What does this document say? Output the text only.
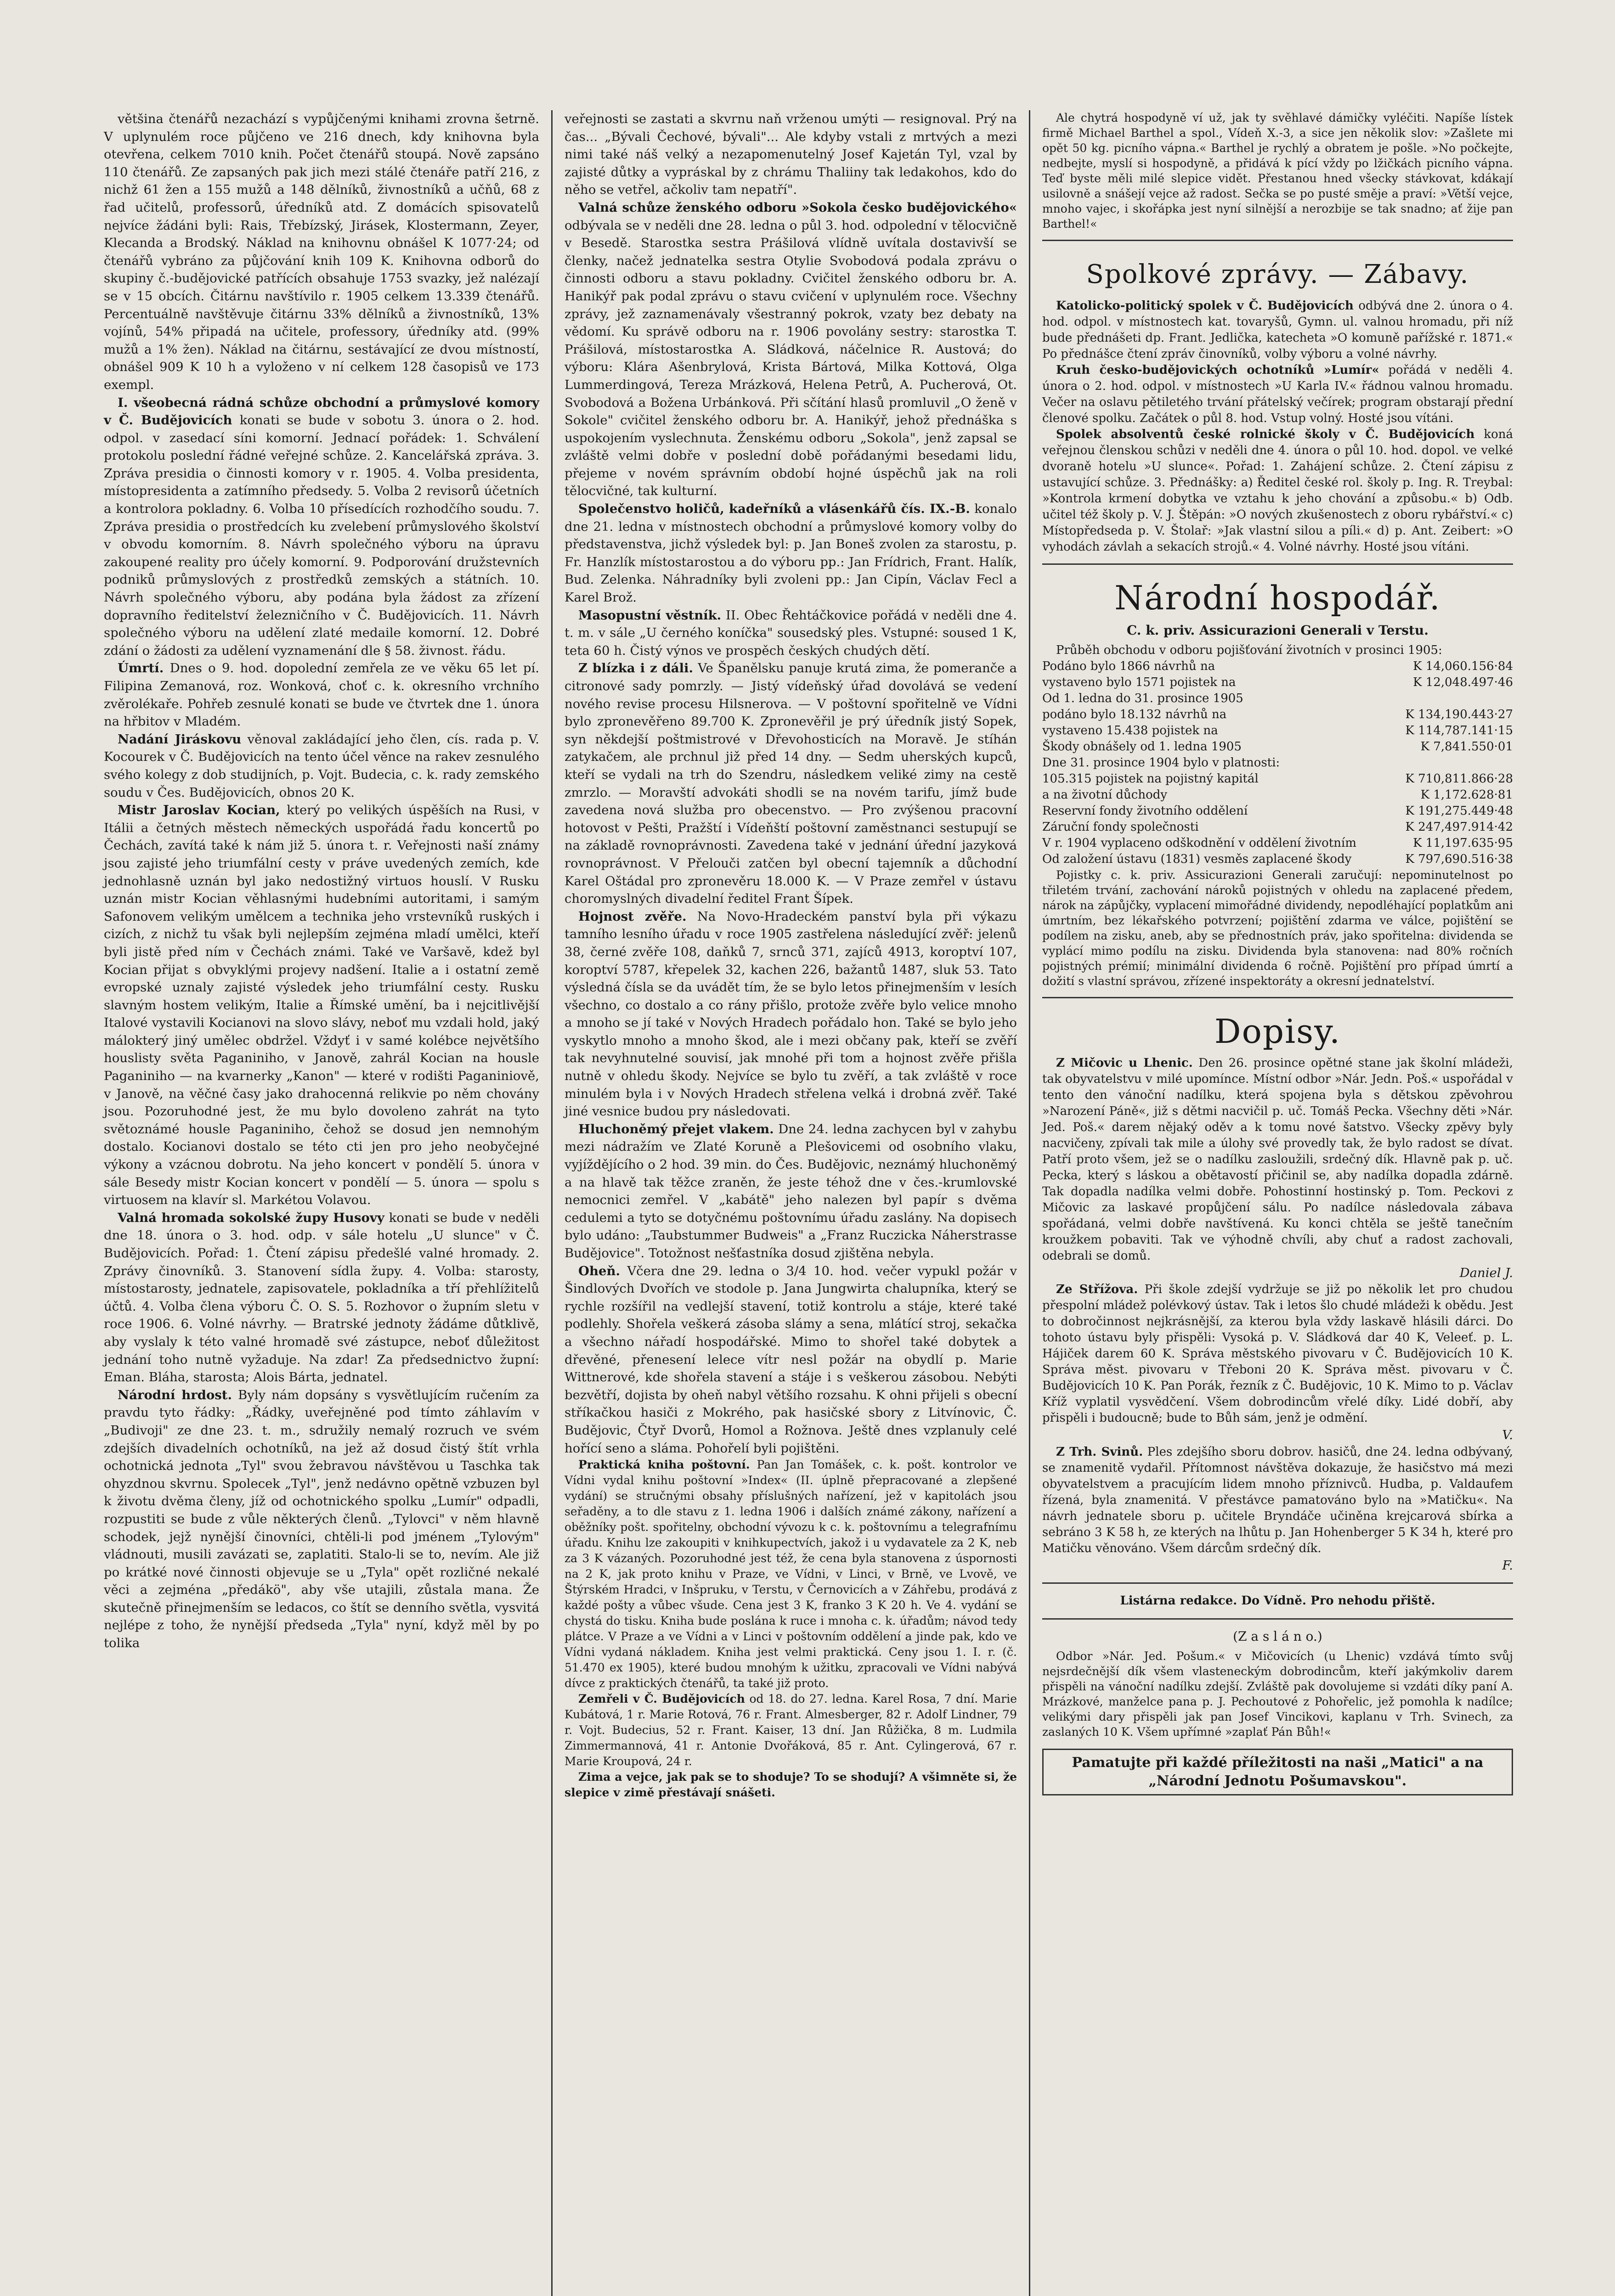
většina čtenářů nezachází s vypůjčenými knihami zrovna šetrně. V uplynulém roce půjčeno ve 216 dnech, kdy knihovna byla otevřena, celkem 7010 knih. Počet čtenářů stoupá. Nově zapsáno 110 čtenářů. Ze zapsaných pak jich mezi stálé čtenáře patří 216, z nichž 61 žen a 155 mužů a 148 dělníků, živnostníků a učňů, 68 z řad učitelů, professorů, úředníků atd. Z domácích spisovatelů nejvíce žádáni byli: Rais, Třebízský, Jirásek, Klostermann, Zeyer, Klecanda a Brodský. Náklad na knihovnu obnášel K 1077·24; od čtenářů vybráno za půjčování knih 109 K. Knihovna odborů do skupiny č.-budějovické patřících obsahuje 1753 svazky, jež nalézají se v 15 obcích. Čitárnu navštívilo r. 1905 celkem 13.339 čtenářů. Percentuálně navštěvuje čitárnu 33% dělníků a živnostníků, 13% vojínů, 54% připadá na učitele, professory, úředníky atd. (99% mužů a 1% žen). Náklad na čitárnu, sestávající ze dvou místností, obnášel 909 K 10 h a vyloženo v ní celkem 128 časopisů ve 173 exempl.

I. všeobecná rádná schůze obchodní a průmyslové komory v Č. Budějovicích konati se bude v sobotu 3. února o 2. hod. odpol. v zasedací síni komorní. Jednací pořádek: 1. Schválení protokolu poslední řádné veřejné schůze. 2. Kancelářská zpráva. 3. Zpráva presidia o činnosti komory v r. 1905. 4. Volba presidenta, místopresidenta a zatímního předsedy. 5. Volba 2 revisorů účetních a kontrolora pokladny. 6. Volba 10 přísedících rozhodčího soudu. 7. Zpráva presidia o prostředcích ku zvelebení průmyslového školství v obvodu komorním. 8. Návrh společného výboru na úpravu zakoupené reality pro účely komorní. 9. Podporování družstevních podniků průmyslových z prostředků zemských a státních. 10. Návrh společného výboru, aby podána byla žádost za zřízení dopravního ředitelství železničního v Č. Budějovicích. 11. Návrh společného výboru na udělení zlaté medaile komorní. 12. Dobré zdání o žádosti za udělení vyznamenání dle § 58. živnost. řádu.

Úmrtí. Dnes o 9. hod. dopolední zemřela ze ve věku 65 let pí. Filipina Zemanová, roz. Wonková, choť c. k. okresního vrchního zvěrolékaře. Pohřeb zesnulé konati se bude ve čtvrtek dne 1. února na hřbitov v Mladém.

Nadání Jiráskovu věnoval zakládající jeho člen, cís. rada p. V. Kocourek v Č. Budějovicích na tento účel věnce na rakev zesnulého svého kolegy z dob studijních, p. Vojt. Budecia, c. k. rady zemského soudu v Čes. Budějovicích, obnos 20 K.

Mistr Jaroslav Kocian, který po velikých úspěších na Rusi, v Itálii a četných městech německých uspořádá řadu koncertů po Čechách, zavítá také k nám již 5. února t. r. Veřejnosti naší známy jsou zajisté jeho triumfální cesty v práve uvedených zemích, kde jednohlasně uznán byl jako nedostižný virtuos houslí. V Rusku uznán mistr Kocian věhlasnými hudebními autoritami, i samým Safonovem velikým umělcem a technika jeho vrstevníků ruských i cizích, z nichž tu však byli nejlepším zejména mladí umělci, kteří byli jistě před ním v Čechách známi. Také ve Varšavě, kdež byl Kocian přijat s obvyklými projevy nadšení. Italie a i ostatní země evropské uznaly zajisté výsledek jeho triumfální cesty. Rusku slavným hostem velikým, Italie a Římské umění, ba i nejcitlivější Italové vystavili Kocianovi na slovo slávy, neboť mu vzdali hold, jaký málokterý jiný umělec obdržel. Vždyť i v samé kolébce největšího houslisty světa Paganiniho, v Janově, zahrál Kocian na housle Paganiniho — na kvarnerky „Kanon" — které v rodišti Paganiniově, v Janově, na věčné časy jako drahocenná relikvie po něm chovány jsou. Pozoruhodné jest, že mu bylo dovoleno zahrát na tyto světoznámé housle Paganiniho, čehož se dosud jen nemnohým dostalo. Kocianovi dostalo se této cti jen pro jeho neobyčejné výkony a vzácnou dobrotu. Na jeho koncert v pondělí 5. února v sále Besedy mistr Kocian koncert v pondělí — 5. února — spolu s virtuosem na klavír sl. Markétou Volavou.

Valná hromada sokolské župy Husovy konati se bude v neděli dne 18. února o 3. hod. odp. v sále hotelu „U slunce" v Č. Budějovicích. Pořad: 1. Čtení zápisu předešlé valné hromady. 2. Zprávy činovníků. 3. Stanovení sídla župy. 4. Volba: starosty, místostarosty, jednatele, zapisovatele, pokladníka a tří přehlížitelů účtů. 4. Volba člena výboru Č. O. S. 5. Rozhovor o župním sletu v roce 1906. 6. Volné návrhy. — Bratrské jednoty žádáme důtklivě, aby vyslaly k této valné hromadě své zástupce, neboť důležitost jednání toho nutně vyžaduje. Na zdar! Za předsednictvo župní: Eman. Bláha, starosta; Alois Bárta, jednatel.

Národní hrdost. Byly nám dopsány s vysvětlujícím ručením za pravdu tyto řádky: „Řádky, uveřejněné pod tímto záhlavím v „Budivoji" ze dne 23. t. m., sdružily nemalý rozruch ve svém zdejších divadelních ochotníků, na jež až dosud čistý štít vrhla ochotnická jednota „Tyl" svou žebravou návštěvou u Taschka tak ohyzdnou skvrnu. Spolecek „Tyl", jenž nedávno opětně vzbuzen byl k životu dvěma členy, jíž od ochotnického spolku „Lumír" odpadli, rozpustiti se bude z vůle některých členů. „Tylovci" v něm hlavně schodek, jejž nynější činovníci, chtěli-li pod jménem „Tylovým" vládnouti, musili zavázati se, zaplatiti. Stalo-li se to, nevím. Ale již po krátké nové činnosti objevuje se u „Tyla" opět rozličné nekalé věci a zejména „předákö", aby vše utajili, zůstala mana. Že skutečně přinejmenším se ledacos, co štít se denního světla, vysvitá nejlépe z toho, že nynější předseda „Tyla" nyní, když měl by po tolika

veřejnosti se zastati a skvrnu naň vrženou umýti — resignoval. Prý na čas... „Bývali Čechové, bývali"... Ale kdyby vstali z mrtvých a mezi nimi také náš velký a nezapomenutelný Josef Kajetán Tyl, vzal by zajisté důtky a vypráskal by z chrámu Thaliiny tak ledakohos, kdo do něho se vetřel, ačkoliv tam nepatří".

Valná schůze ženského odboru »Sokola česko budějovického« odbývala se v neděli dne 28. ledna o půl 3. hod. odpolední v tělocvičně v Besedě. Starostka sestra Prášilová vlídně uvítala dostavivší se členky, načež jednatelka sestra Otylie Svobodová podala zprávu o činnosti odboru a stavu pokladny. Cvičitel ženského odboru br. A. Hanikýř pak podal zprávu o stavu cvičení v uplynulém roce. Všechny zprávy, jež zaznamenávaly všestranný pokrok, vzaty bez debaty na vědomí. Ku správě odboru na r. 1906 povolány sestry: starostka T. Prášilová, místostarostka A. Sládková, náčelnice R. Austová; do výboru: Klára Ašenbrylová, Krista Bártová, Milka Kottová, Olga Lummerdingová, Tereza Mrázková, Helena Petrů, A. Pucherová, Ot. Svobodová a Božena Urbánková. Při sčítání hlasů promluvil „O ženě v Sokole" cvičitel ženského odboru br. A. Hanikýř, jehož přednáška s uspokojením vyslechnuta. Ženskému odboru „Sokola", jenž zapsal se zvláště velmi dobře v poslední době pořádanými besedami lidu, přejeme v novém správním období hojné úspěchů jak na roli tělocvičné, tak kulturní.

Společenstvo holičů, kadeřníků a vlásenkářů čís. IX.-B. konalo dne 21. ledna v místnostech obchodní a průmyslové komory volby do představenstva, jichž výsledek byl: p. Jan Boneš zvolen za starostu, p. Fr. Hanzlík místostarostou a do výboru pp.: Jan Frídrich, Frant. Halík, Bud. Zelenka. Náhradníky byli zvoleni pp.: Jan Cipín, Václav Fecl a Karel Brož.

Masopustní věstník. II. Obec Řehtáčkovice pořádá v neděli dne 4. t. m. v sále „U černého koníčka" sousedský ples. Vstupné: soused 1 K, teta 60 h. Čistý výnos ve prospěch českých chudých dětí.

Z blízka i z dáli. Ve Španělsku panuje krutá zima, že pomeranče a citronové sady pomrzly. — Jistý vídeňský úřad dovolává se vedení nového revise procesu Hilsnerova. — V poštovní spořitelně ve Vídni bylo zpronevěřeno 89.700 K. Zpronevěřil je prý úředník jistý Sopek, syn někdejší poštmistrové v Dřevohosticích na Moravě. Je stíhán zatykačem, ale prchnul již před 14 dny. — Sedm uherských kupců, kteří se vydali na trh do Szendru, následkem veliké zimy na cestě zmrzlo. — Moravští advokáti shodli se na novém tarifu, jímž bude zavedena nová služba pro obecenstvo. — Pro zvýšenou pracovní hotovost v Pešti, Pražští i Vídeňští poštovní zaměstnanci sestupují se na základě rovnoprávnosti. Zavedena také v jednání úřední jazyková rovnoprávnost. V Přelouči zatčen byl obecní tajemník a důchodní Karel Oštádal pro zpronevěru 18.000 K. — V Praze zemřel v ústavu choromyslných divadelní ředitel Frant Šípek.

Hojnost zvěře. Na Novo-Hradeckém panství byla při výkazu tamního lesního úřadu v roce 1905 zastřelena následující zvěř: jelenů 38, černé zvěře 108, daňků 7, srnců 371, zajíců 4913, koroptví 107, koroptví 5787, křepelek 32, kachen 226, bažantů 1487, sluk 53. Tato výsledná čísla se da uvádět tím, že se bylo letos přinejmenším v lesích všechno, co dostalo a co rány přišlo, protože zvěře bylo velice mnoho a mnoho se jí také v Nových Hradech pořádalo hon. Také se bylo jeho vyskytlo mnoho a mnoho škod, ale i mezi občany pak, kteří se zvěří tak nevyhnutelné souvisí, jak mnohé při tom a hojnost zvěře přišla nutně v ohledu škody. Nejvíce se bylo tu zvěří, a tak zvláště v roce minulém byla i v Nových Hradech střelena velká i drobná zvěř. Také jiné vesnice budou pry následovati.

Hluchoněmý přejet vlakem. Dne 24. ledna zachycen byl v zahybu mezi nádražím ve Zlaté Koruně a Plešovicemi od osobního vlaku, vyjíždějícího o 2 hod. 39 min. do Čes. Budějovic, neznámý hluchoněmý a na hlavě tak těžce zraněn, že jeste téhož dne v čes.-krumlovské nemocnici zemřel. V „kabátě" jeho nalezen byl papír s dvěma cedulemi a tyto se dotyčnému poštovnímu úřadu zaslány. Na dopisech bylo udáno: „Taubstummer Budweis" a „Franz Ruczicka Náherstrasse Budějovice". Totožnost nešťastníka dosud zjištěna nebyla.

Oheň. Včera dne 29. ledna o 3/4 10. hod. večer vypukl požár v Šindlových Dvořích ve stodole p. Jana Jungwirta chalupníka, který se rychle rozšířil na vedlejší stavení, totiž kontrolu a stáje, které také podlehly. Shořela veškerá zásoba slámy a sena, mlátící stroj, sekačka a všechno nářadí hospodářské. Mimo to shořel také dobytek a dřevěné, přenesení lelece vítr nesl požár na obydlí p. Marie Wittnerové, kde shořela stavení a stáje i s veškerou zásobou. Nebýti bezvětří, dojista by oheň nabyl většího rozsahu. K ohni přijeli s obecní stříkačkou hasiči z Mokrého, pak hasičské sbory z Litvínovic, Č. Budějovic, Čtyř Dvorů, Homol a Rožnova. Ještě dnes vzplanuly celé hořící seno a sláma. Pohořelí byli pojištěni.

Praktická kniha poštovní. Pan Jan Tomášek, c. k. pošt. kontrolor ve Vídni vydal knihu poštovní »Index« (II. úplně přepracované a zlepšené vydání) se stručnými obsahy příslušných nařízení, jež v kapitolách jsou seřaděny, a to dle stavu z 1. ledna 1906 i dalších známé zákony, nařízení a oběžníky pošt. spořitelny, obchodní vývozu k c. k. poštovnímu a telegrafnímu úřadu. Knihu lze zakoupiti v knihkupectvích, jakož i u vydavatele za 2 K, neb za 3 K vázaných. Pozoruhodné jest též, že cena byla stanovena z úspornosti na 2 K, jak proto knihu v Praze, ve Vídni, v Linci, v Brně, ve Lvově, ve Štýrském Hradci, v Inšpruku, v Terstu, v Černovicích a v Záhřebu, prodává z každé pošty a vůbec všude. Cena jest 3 K, franko 3 K 20 h. Ve 4. vydání se chystá do tisku. Kniha bude poslána k ruce i mnoha c. k. úřadům; návod tedy plátce. V Praze a ve Vídni a v Linci v poštovním oddělení a jinde pak, kdo ve Vídni vydaná nákladem. Kniha jest velmi praktická. Ceny jsou 1. I. r. (č. 51.470 ex 1905), které budou mnohým k užitku, zpracovali ve Vídni nabývá dívce z praktických čtenářů, ta také již proto.

Zemřeli v Č. Budějovicích od 18. do 27. ledna. Karel Rosa, 7 dní. Marie Kubátová, 1 r. Marie Rotová, 76 r. Frant. Almesberger, 82 r. Adolf Lindner, 79 r. Vojt. Budecius, 52 r. Frant. Kaiser, 13 dní. Jan Růžička, 8 m. Ludmila Zimmermannová, 41 r. Antonie Dvořáková, 85 r. Ant. Cylingerová, 67 r. Marie Kroupová, 24 r.

Zima a vejce, jak pak se to shoduje? To se shodují? A všimněte si, že slepice v zimě přestávají snášeti.

Ale chytrá hospodyně ví už, jak ty svěhlavé dámičky vyléčiti. Napíše lístek firmě Michael Barthel a spol., Vídeň X.-3, a sice jen několik slov: »Zašlete mi opět 50 kg. picního vápna.« Barthel je rychlý a obratem je pošle. »No počkejte, nedbejte, myslí si hospodyně, a přidává k pící vždy po lžičkách picního vápna. Teď byste měli milé slepice vidět. Přestanou hned všecky stávkovat, kdákají usilovně a snášejí vejce až radost. Sečka se po pusté směje a praví: »Větší vejce, mnoho vajec, i skořápka jest nyní silnější a nerozbije se tak snadno; ať žije pan Barthel!«

Spolkové zprávy. — Zábavy.

Katolicko-politický spolek v Č. Budějovicích odbývá dne 2. února o 4. hod. odpol. v místnostech kat. tovaryšů, Gymn. ul. valnou hromadu, při níž bude přednášeti dp. Frant. Jedlička, katecheta »O komuně pařížské r. 1871.« Po přednášce čtení zpráv činovníků, volby výboru a volné návrhy.

Kruh česko-budějovických ochotníků »Lumír« pořádá v neděli 4. února o 2. hod. odpol. v místnostech »U Karla IV.« řádnou valnou hromadu. Večer na oslavu pětiletého trvání přátelský večírek; program obstarají přední členové spolku. Začátek o půl 8. hod. Vstup volný. Hosté jsou vítáni.

Spolek absolventů české rolnické školy v Č. Budějovicích koná veřejnou členskou schůzi v neděli dne 4. února o půl 10. hod. dopol. ve velké dvoraně hotelu »U slunce«. Pořad: 1. Zahájení schůze. 2. Čtení zápisu z ustavující schůze. 3. Přednášky: a) Ředitel české rol. školy p. Ing. R. Treybal: »Kontrola krmení dobytka ve vztahu k jeho chování a způsobu.« b) Odb. učitel též školy p. V. J. Štěpán: »O nových zkušenostech z oboru rybářství.« c) Místopředseda p. V. Štolař: »Jak vlastní silou a píli.« d) p. Ant. Zeibert: »O vyhodách závlah a sekacích strojů.« 4. Volné návrhy. Hosté jsou vítáni.

Národní hospodář.
C. k. priv. Assicurazioni Generali v Terstu.

Průběh obchodu v odboru pojišťování životních v prosinci 1905:

Podáno bylo 1866 návrhů na	K 14,060.156·84
vystaveno bylo 1571 pojistek na	K 12,048.497·46
Od 1. ledna do 31. prosince 1905	
podáno bylo 18.132 návrhů na	K 134,190.443·27
vystaveno 15.438 pojistek na	K 114,787.141·15
Škody obnášely od 1. ledna 1905	K 7,841.550·01
Dne 31. prosince 1904 bylo v platnosti:	
105.315 pojistek na pojistný kapitál	K 710,811.866·28
a na životní důchody	K 1,172.628·81
Reservní fondy životního oddělení	K 191,275.449·48
Záruční fondy společnosti	K 247,497.914·42
V r. 1904 vyplaceno odškodnění v oddělení životním	K 11,197.635·95
Od založení ústavu (1831) vesměs zaplacené škody	K 797,690.516·38

Pojistky c. k. priv. Assicurazioni Generali zaručují: nepominutelnost po třiletém trvání, zachování nároků pojistných v ohledu na zaplacené předem, nárok na zápůjčky, vyplacení mimořádné dividendy, nepodléhající poplatkům ani úmrtním, bez lékařského potvrzení; pojištění zdarma ve válce, pojištění se podílem na zisku, aneb, aby se přednostních práv, jako spořitelna: dividenda se vyplácí mimo podílu na zisku. Dividenda byla stanovena: nad 80% ročních pojistných prémií; minimální dividenda 6 ročně. Pojištění pro případ úmrtí a dožití s vlastní správou, zřízené inspektoráty a okresní jednatelství.

Dopisy.

Z Mičovic u Lhenic. Den 26. prosince opětné stane jak školní mládeži, tak obyvatelstvu v milé upomínce. Místní odbor »Nár. Jedn. Poš.« uspořádal v tento den vánoční nadílku, která spojena byla s dětskou zpěvohrou »Narození Páně«, již s dětmi nacvičil p. uč. Tomáš Pecka. Všechny děti »Nár. Jed. Poš.« darem nějaký oděv a k tomu nové šatstvo. Všecky zpěvy byly nacvičeny, zpívali tak mile a úlohy své provedly tak, že bylo radost se dívat. Patří proto všem, jež se o nadílku zasloužili, srdečný dík. Hlavně pak p. uč. Pecka, který s láskou a obětavostí přičinil se, aby nadílka dopadla zdárně. Tak dopadla nadílka velmi dobře. Pohostinní hostinský p. Tom. Peckovi z Mičovic za laskavé propůjčení sálu. Po nadílce následovala zábava spořádaná, velmi dobře navštívená. Ku konci chtěla se ještě tanečním kroužkem pobaviti. Tak ve výhodně chvíli, aby chuť a radost zachovali, odebrali se domů.

Daniel J.

Ze Střížova. Při škole zdejší vydržuje se již po několik let pro chudou přespolní mládež polévkový ústav. Tak i letos šlo chudé mládeži k obědu. Jest to dobročinnost nejkrásnější, za kterou byla vždy laskavě hlásili dárci. Do tohoto ústavu byly přispěli: Vysoká p. V. Sládková dar 40 K, Veleeť. p. L. Hájiček darem 60 K. Správa městského pivovaru v Č. Budějovicích 10 K. Správa měst. pivovaru v Třeboni 20 K. Správa měst. pivovaru v Č. Budějovicích 10 K. Pan Porák, řezník z Č. Budějovic, 10 K. Mimo to p. Václav Kříž vyplatil vysvědčení. Všem dobrodincům vřelé díky. Lidé dobří, aby přispěli i budoucně; bude to Bůh sám, jenž je odmění.

V.

Z Trh. Svinů. Ples zdejšího sboru dobrov. hasičů, dne 24. ledna odbývaný, se znamenitě vydařil. Přítomnost návštěva dokazuje, že hasičstvo má mezi obyvatelstvem a pracujícím lidem mnoho příznivců. Hudba, p. Valdaufem řízená, byla znamenitá. V přestávce pamatováno bylo na »Matičku«. Na návrh jednatele sboru p. učitele Bryndáče učiněna krejcarová sbírka a sebráno 3 K 58 h, ze kterých na lhůtu p. Jan Hohenberger 5 K 34 h, které pro Matičku věnováno. Všem dárcům srdečný dík.

F.
Listárna redakce. Do Vídně. Pro nehodu přiště.
(Z a s l á n o.)

Odbor »Nár. Jed. Pošum.« v Mičovicích (u Lhenic) vzdává tímto svůj nejsrdečnější dík všem vlasteneckým dobrodincům, kteří jakýmkoliv darem přispěli na vánoční nadílku zdejší. Zvláště pak dovolujeme si vzdáti díky paní A. Mrázkové, manželce pana p. J. Pechoutové z Pohořelic, jež pomohla k nadílce; velikými dary přispěli jak pan Josef Vincikovi, kaplanu v Trh. Svinech, za zaslaných 10 K. Všem upřímné »zaplať Pán Bůh!«

Pamatujte při každé příležitosti na naši „Matici" a na „Národní Jednotu Pošumavskou".
